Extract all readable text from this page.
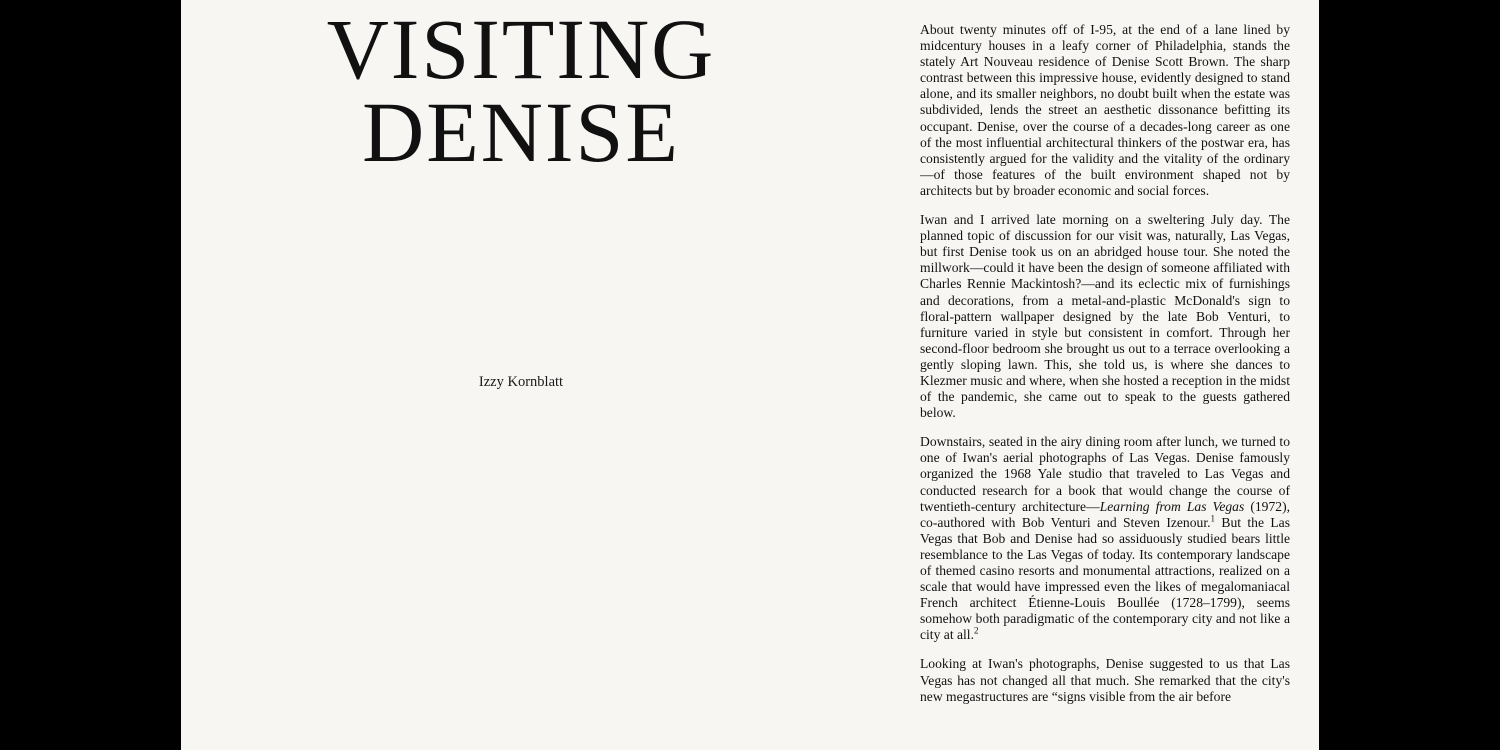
VISITING
DENISE
Izzy Kornblatt

About twenty minutes off of I-95, at the end of a lane lined by midcentury houses in a leafy corner of Philadelphia, stands the stately Art Nouveau residence of Denise Scott Brown. The sharp contrast between this impressive house, evidently designed to stand alone, and its smaller neighbors, no doubt built when the estate was subdivided, lends the street an aesthetic dissonance befitting its occupant. Denise, over the course of a decades-long career as one of the most influential architectural thinkers of the postwar era, has consistently argued for the validity and the vitality of the ordinary—of those features of the built environment shaped not by architects but by broader economic and social forces.

Iwan and I arrived late morning on a sweltering July day. The planned topic of discussion for our visit was, naturally, Las Vegas, but first Denise took us on an abridged house tour. She noted the millwork—could it have been the design of someone affiliated with Charles Rennie Mackintosh?—and its eclectic mix of furnishings and decorations, from a metal-and-plastic McDonald's sign to floral-pattern wallpaper designed by the late Bob Venturi, to furniture varied in style but consistent in comfort. Through her second-floor bedroom she brought us out to a terrace overlooking a gently sloping lawn. This, she told us, is where she dances to Klezmer music and where, when she hosted a reception in the midst of the pandemic, she came out to speak to the guests gathered below.

Downstairs, seated in the airy dining room after lunch, we turned to one of Iwan's aerial photographs of Las Vegas. Denise famously organized the 1968 Yale studio that traveled to Las Vegas and conducted research for a book that would change the course of twentieth-century architecture—Learning from Las Vegas (1972), co-authored with Bob Venturi and Steven Izenour.$^1$ But the Las Vegas that Bob and Denise had so assiduously studied bears little resemblance to the Las Vegas of today. Its contemporary landscape of themed casino resorts and monumental attractions, realized on a scale that would have impressed even the likes of megalomaniacal French architect Étienne-Louis Boullée (1728–1799), seems somehow both paradigmatic of the contemporary city and not like a city at all.$^2$

Looking at Iwan's photographs, Denise suggested to us that Las Vegas has not changed all that much. She remarked that the city's new megastructures are “signs visible from the air before
